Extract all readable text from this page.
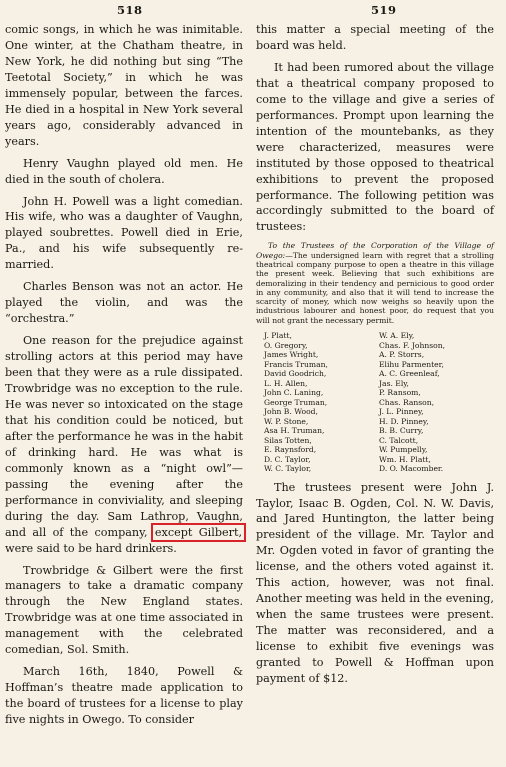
518	519

comic songs, in which he was inimitable. One winter, at the Chatham theatre, in New York, he did nothing but sing “The Teetotal Society,” in which he was immensely popular, between the farces. He died in a hospital in New York several years ago, considerably advanced in years.

Henry Vaughn played old men. He died in the south of cholera.

John H. Powell was a light comedian. His wife, who was a daughter of Vaughn, played soubrettes. Powell died in Erie, Pa., and his wife subsequently re-married.

Charles Benson was not an actor. He played the violin, and was the “orchestra.”

One reason for the prejudice against strolling actors at this period may have been that they were as a rule dissipated. Trowbridge was no exception to the rule. He was never so intoxicated on the stage that his condition could be noticed, but after the performance he was in the habit of drinking hard. He was what is commonly known as a “night owl”—passing the evening after the performance in conviviality, and sleeping during the day. Sam Lathrop, Vaughn, and all of the company, except Gilbert, were said to be hard drinkers.

Trowbridge & Gilbert were the first managers to take a dramatic company through the New England states. Trowbridge was at one time associated in management with the celebrated comedian, Sol. Smith.

March 16th, 1840, Powell & Hoffman’s theatre made application to the board of trustees for a license to play five nights in Owego. To consider

this matter a special meeting of the board was held.

It had been rumored about the village that a theatrical company proposed to come to the village and give a series of performances. Prompt upon learning the intention of the mountebanks, as they were characterized, measures were instituted by those opposed to theatrical exhibitions to prevent the proposed performance. The following petition was accordingly submitted to the board of trustees:

To the Trustees of the Corporation of the Village of Owego:—The undersigned learn with regret that a strolling theatrical company purpose to open a theatre in this village the present week. Believing that such exhibitions are demoralizing in their tendency and pernicious to good order in any community, and also that it will tend to increase the scarcity of money, which now weighs so heavily upon the industrious labourer and honest poor, do request that you will not grant the necessary permit.
J. Platt,	W. A. Ely,
O. Gregory,	Chas. F. Johnson,
James Wright,	A. P. Storrs,
Francis Truman,	Elihu Parmenter,
David Goodrich,	A. C. Greenleaf,
L. H. Allen,	Jas. Ely,
John C. Laning,	P. Ransom,
George Truman,	Chas. Ranson,
John B. Wood,	J. L. Pinney,
W. P. Stone,	H. D. Pinney,
Asa H. Truman,	B. B. Curry,
Silas Totten,	C. Talcott,
E. Raynsford,	W. Pumpelly,
D. C. Taylor,	Wm. H. Platt,
W. C. Taylor,	D. O. Macomber.

The trustees present were John J. Taylor, Isaac B. Ogden, Col. N. W. Davis, and Jared Huntington, the latter being president of the village. Mr. Taylor and Mr. Ogden voted in favor of granting the license, and the others voted against it. This action, however, was not final. Another meeting was held in the evening, when the same trustees were present. The matter was reconsidered, and a license to exhibit five evenings was granted to Powell & Hoffman upon payment of $12.
